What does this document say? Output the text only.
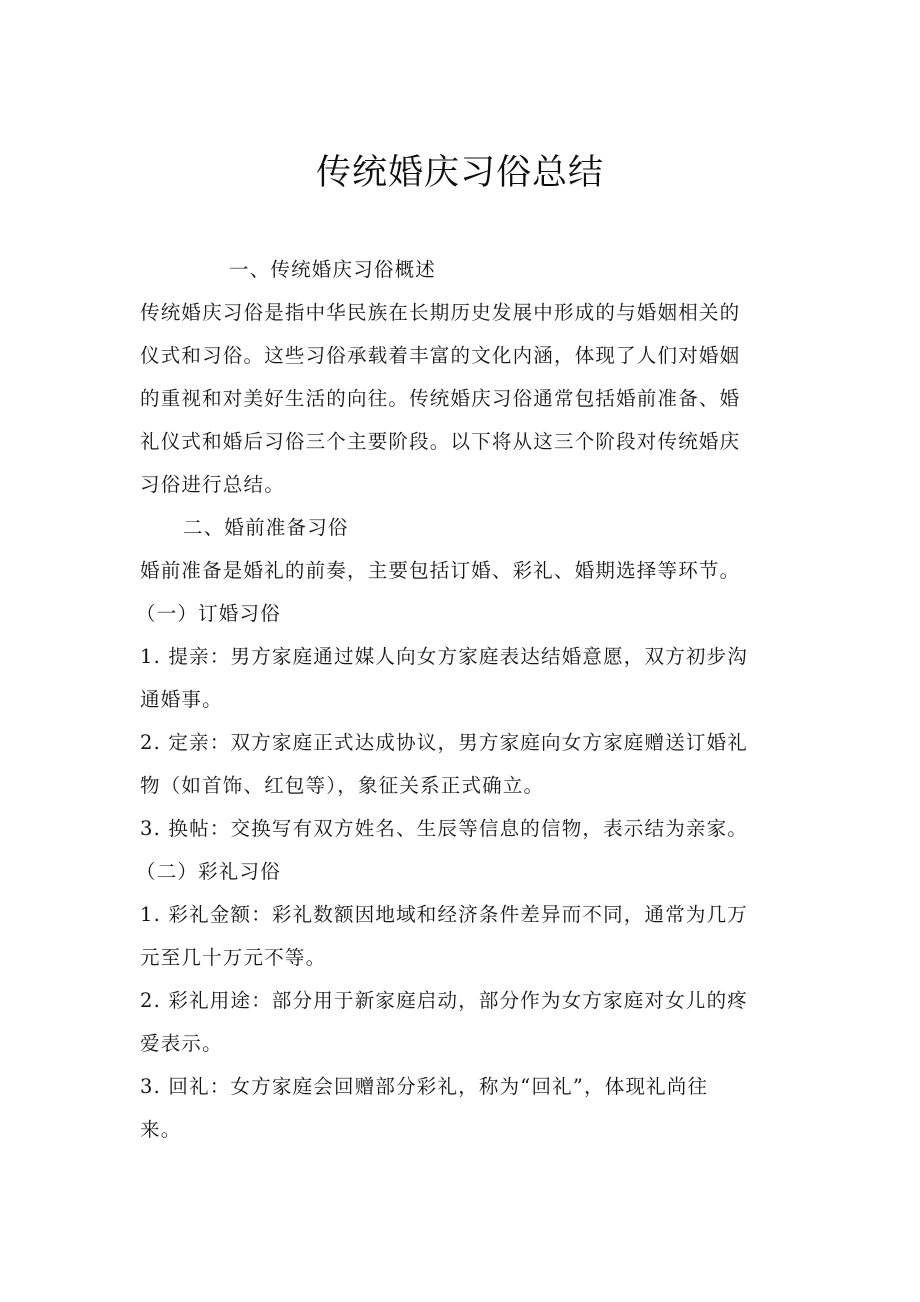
传统婚庆习俗总结
一、传统婚庆习俗概述

传统婚庆习俗是指中华民族在长期历史发展中形成的与婚姻相关的

仪式和习俗。这些习俗承载着丰富的文化内涵，体现了人们对婚姻

的重视和对美好生活的向往。传统婚庆习俗通常包括婚前准备、婚

礼仪式和婚后习俗三个主要阶段。以下将从这三个阶段对传统婚庆

习俗进行总结。

二、婚前准备习俗

婚前准备是婚礼的前奏，主要包括订婚、彩礼、婚期选择等环节。

（一）订婚习俗

1. 提亲：男方家庭通过媒人向女方家庭表达结婚意愿，双方初步沟

通婚事。

2. 定亲：双方家庭正式达成协议，男方家庭向女方家庭赠送订婚礼

物（如首饰、红包等），象征关系正式确立。

3. 换帖：交换写有双方姓名、生辰等信息的信物，表示结为亲家。

（二）彩礼习俗

1. 彩礼金额：彩礼数额因地域和经济条件差异而不同，通常为几万

元至几十万元不等。

2. 彩礼用途：部分用于新家庭启动，部分作为女方家庭对女儿的疼

爱表示。

3. 回礼：女方家庭会回赠部分彩礼，称为“回礼”，体现礼尚往

来。
